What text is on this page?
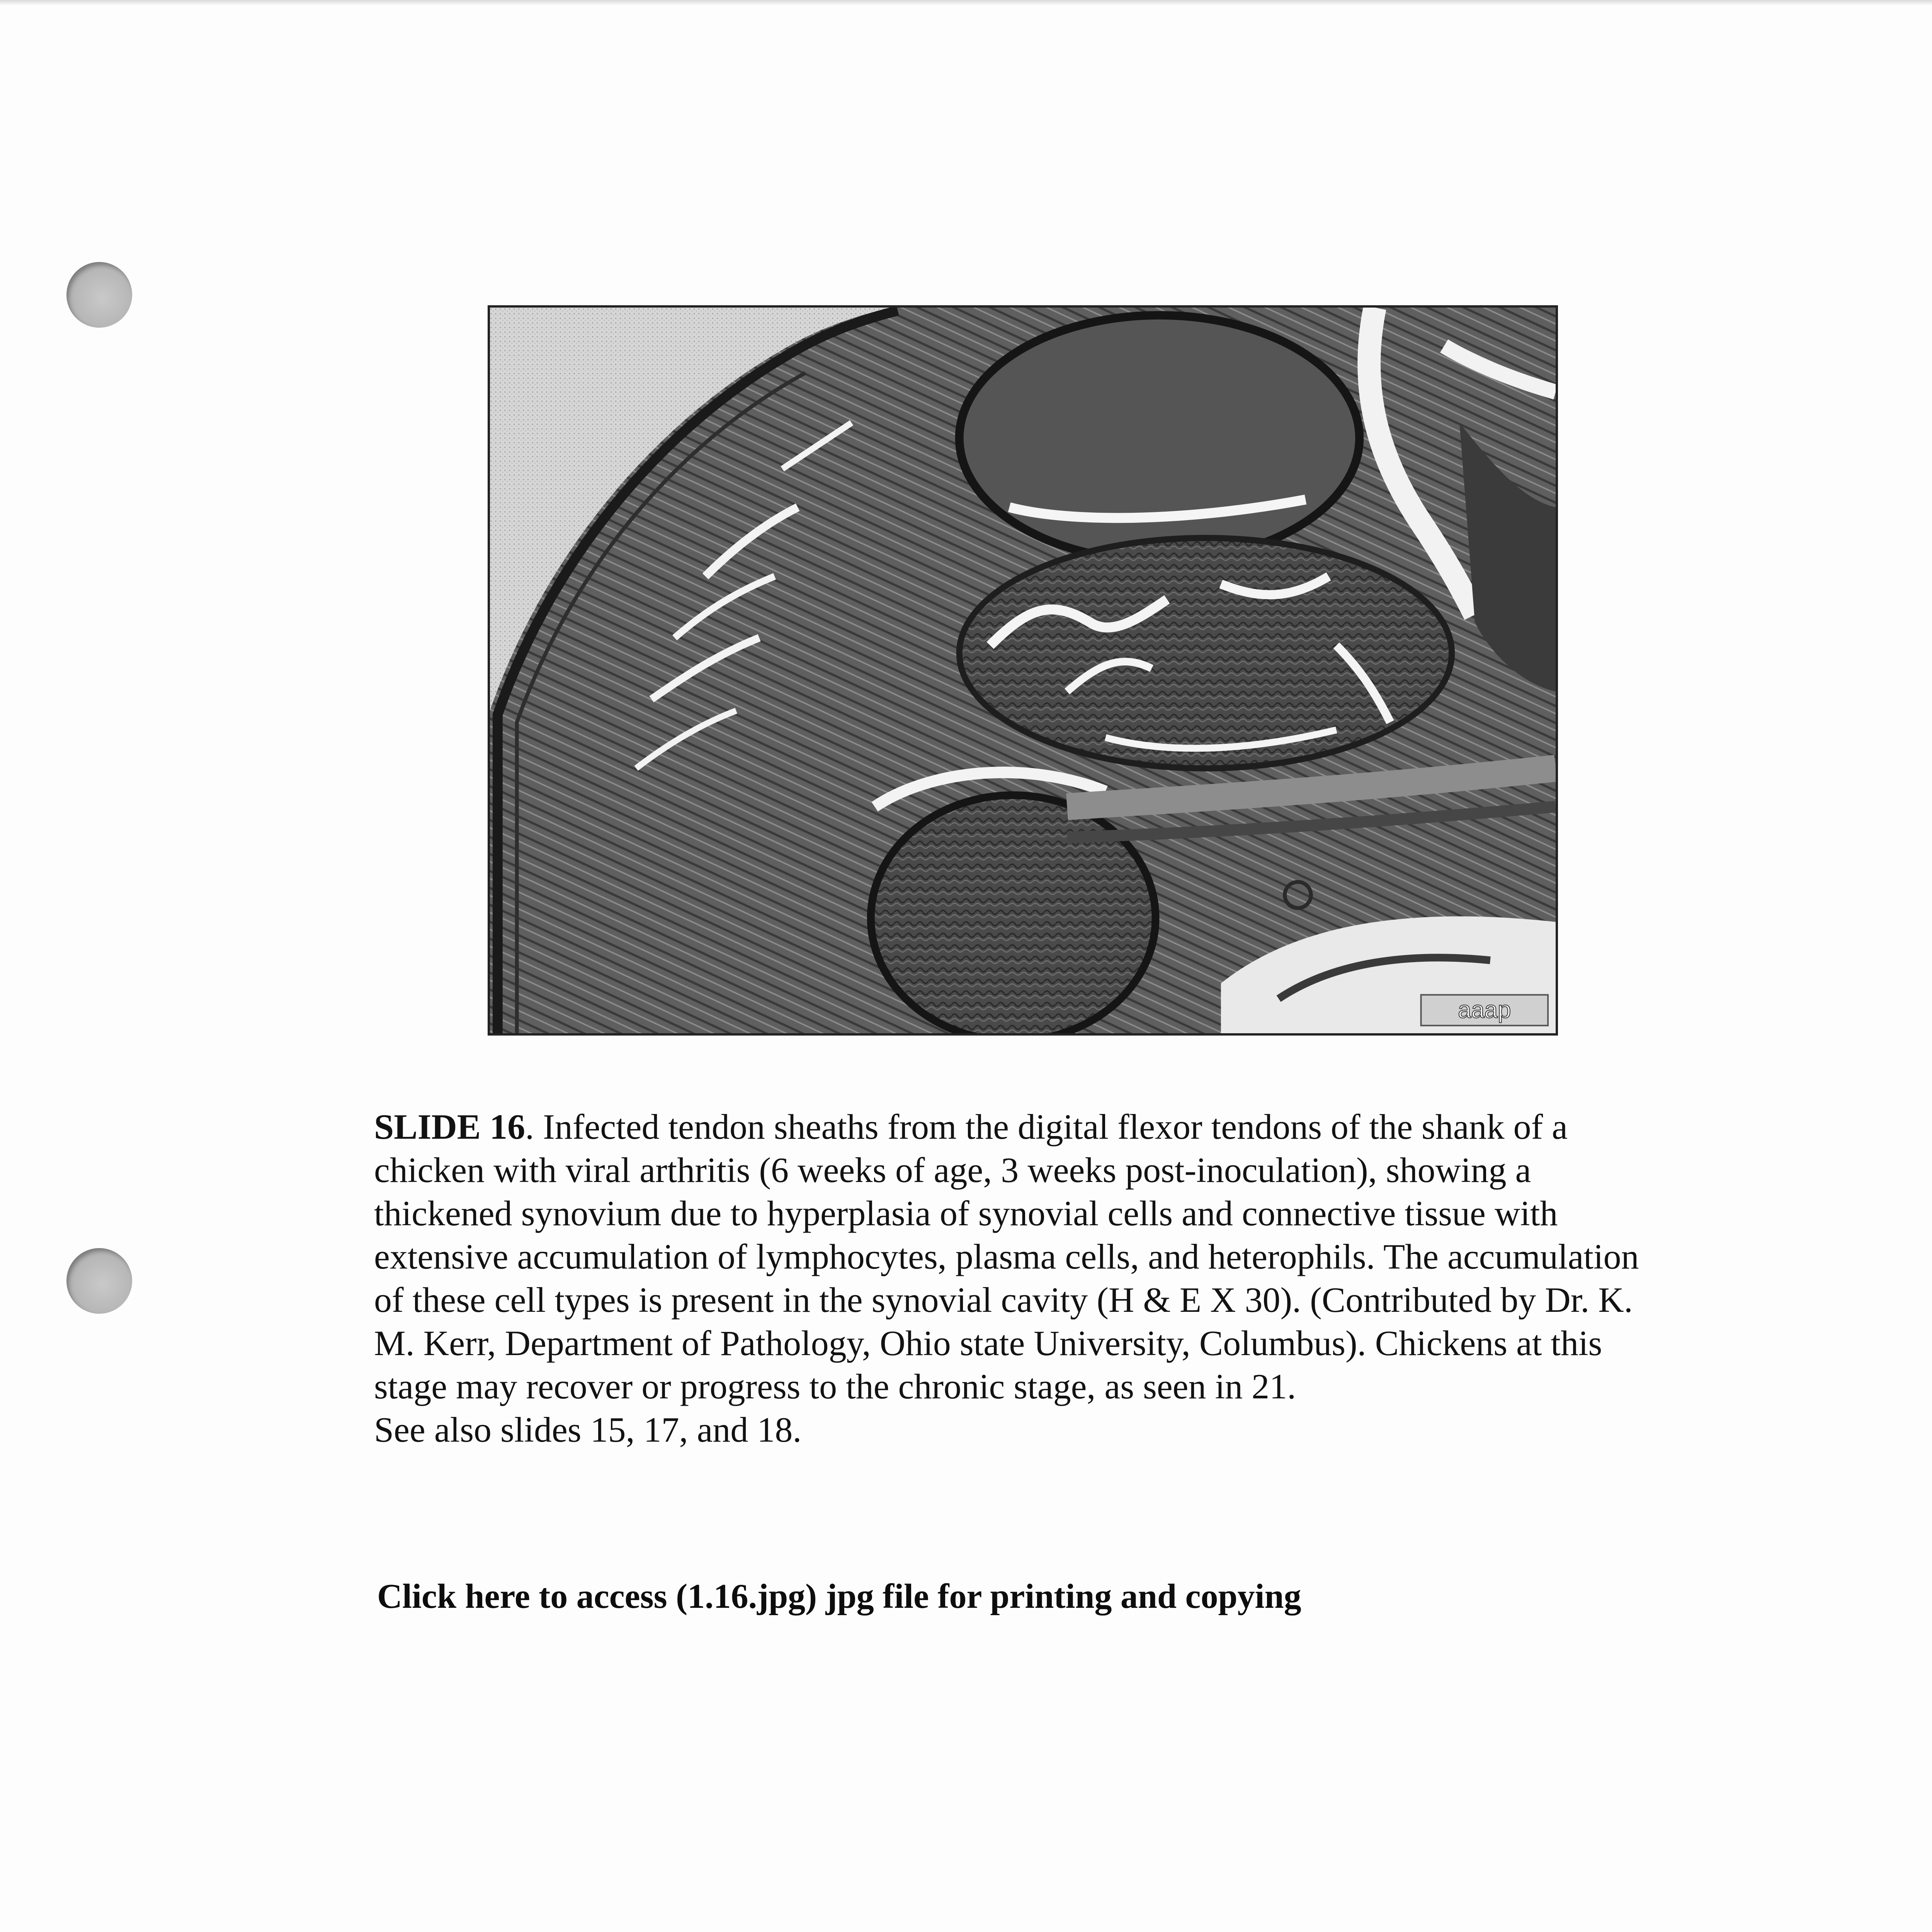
aaap
SLIDE 16. Infected tendon sheaths from the digital flexor tendons of the shank of a
chicken with viral arthritis (6 weeks of age, 3 weeks post-inoculation), showing a
thickened synovium due to hyperplasia of synovial cells and connective tissue with
extensive accumulation of lymphocytes, plasma cells, and heterophils. The accumulation
of these cell types is present in the synovial cavity (H & E X 30). (Contributed by Dr. K.
M. Kerr, Department of Pathology, Ohio state University, Columbus). Chickens at this
stage may recover or progress to the chronic stage, as seen in 21.
See also slides 15, 17, and 18.
Click here to access (1.16.jpg) jpg file for printing and copying
